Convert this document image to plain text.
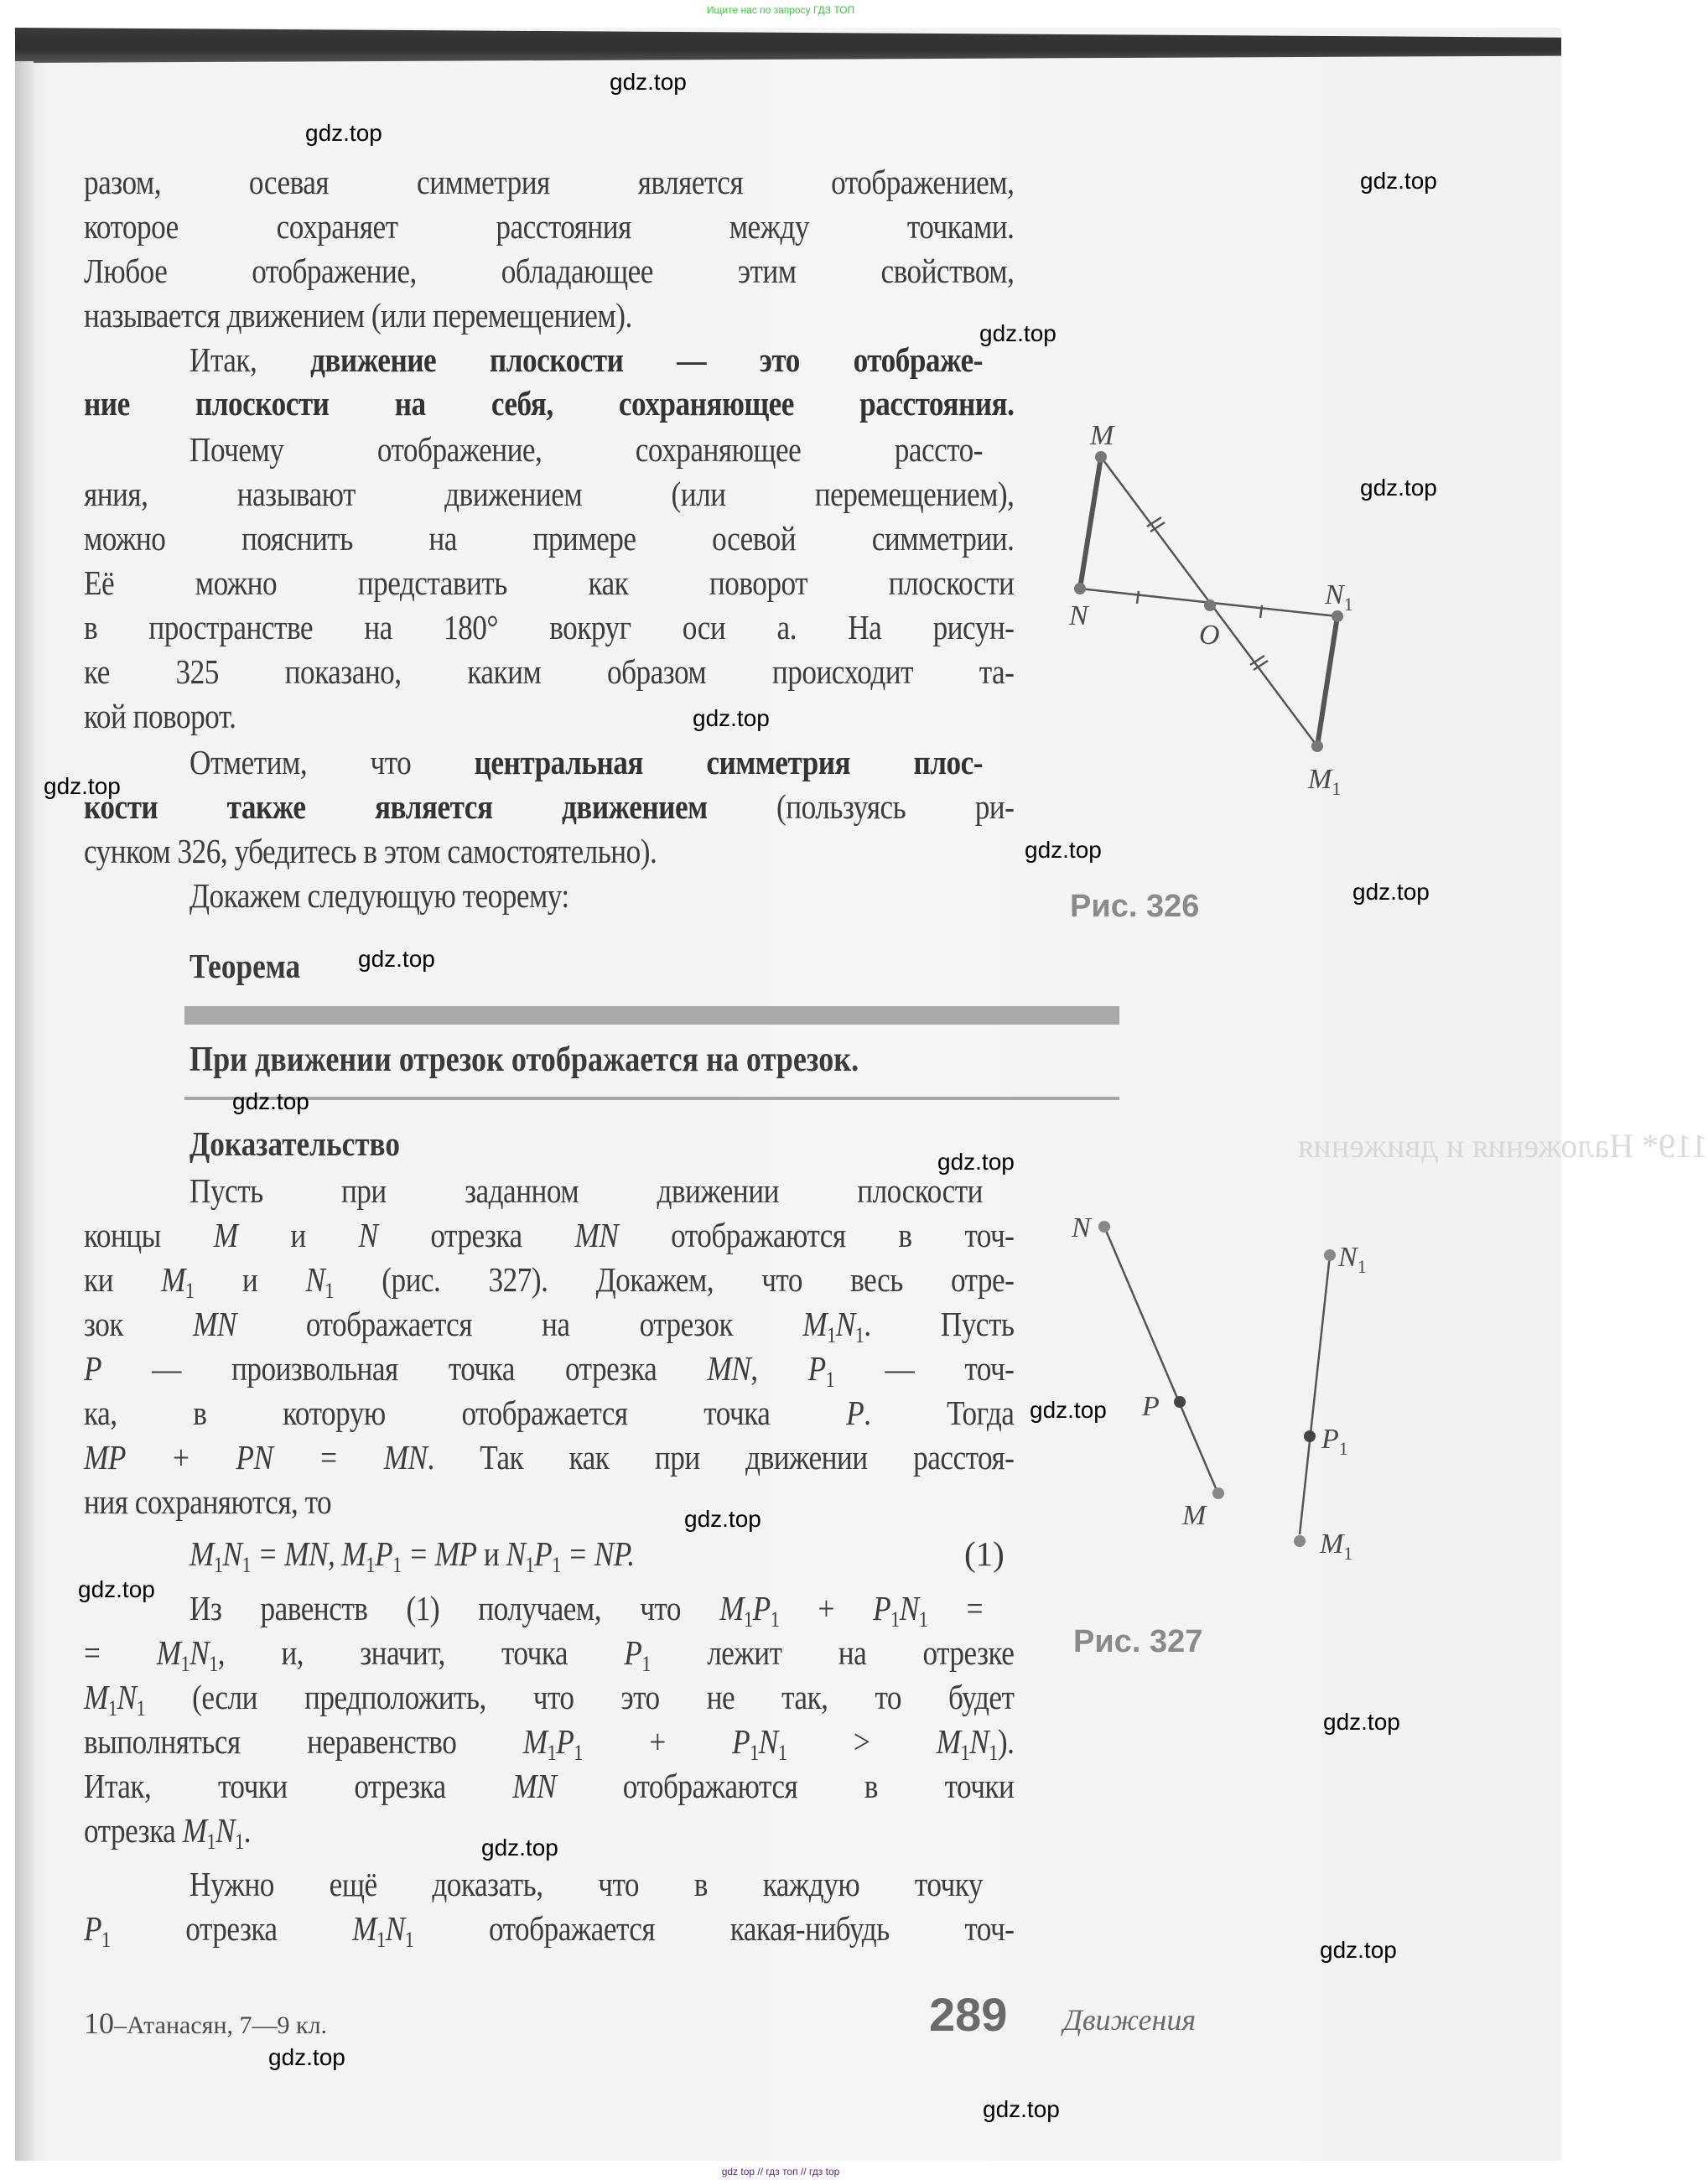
Ищите нас по запросу ГДЗ ТОП
119* Наложения и движения
разом, осевая симметрия является отображением,
которое сохраняет расстояния между точками.
Любое отображение, обладающее этим свойством,
называется движением (или перемещением).
Итак, движение плоскости — это отображе-
ние плоскости на себя, сохраняющее расстояния.
Почему отображение, сохраняющее рассто-
яния, называют движением (или перемещением),
можно пояснить на примере осевой симметрии.
Её можно представить как поворот плоскости
в пространстве на 180° вокруг оси a. На рисун-
ке 325 показано, каким образом происходит та-
кой поворот.
Отметим, что центральная симметрия плос-
кости также является движением (пользуясь ри-
сунком 326, убедитесь в этом самостоятельно).
Докажем следующую теорему:
Теорема
При движении отрезок отображается на отрезок.
Доказательство
Пусть при заданном движении плоскости
концы M и N отрезка MN отображаются в точ-
ки $M_1$ и $N_1$ (рис. 327). Докажем, что весь отре-
зок MN отображается на отрезок $M_1N_1$. Пусть
P — произвольная точка отрезка MN, $P_1$ — точ-
ка, в которую отображается точка P. Тогда
MP + PN = MN. Так как при движении расстоя-
ния сохраняются, то
$M_1N_1$ = MN, $M_1P_1$ = MP и $N_1P_1$ = NP.	(1)
Из равенств (1) получаем, что $M_1P_1 + P_1N_1$ =
= $M_1N_1$, и, значит, точка $P_1$ лежит на отрезке
$M_1N_1$ (если предположить, что это не так, то будет
выполняться неравенство $M_1P_1 + P_1N_1 > M_1N_1$).
Итак, точки отрезка MN отображаются в точки
отрезка $M_1N_1$.
Нужно ещё доказать, что в каждую точку
$P_1$ отрезка $M_1N_1$ отображается какая-нибудь точ-
M
N
O
$N_1$
$M_1$
Рис. 326
N
P
M
$N_1$
$P_1$
$M_1$
Рис. 327
10–Атанасян, 7—9 кл.	289 Движения
gdz.top
gdz.top
gdz.top
gdz.top
gdz.top
gdz.top
gdz.top
gdz.top
gdz.top
gdz.top
gdz.top
gdz.top
gdz.top
gdz.top
gdz.top
gdz.top
gdz.top
gdz.top
gdz.top
gdz.top
gdz top // гдз топ // гдз top
